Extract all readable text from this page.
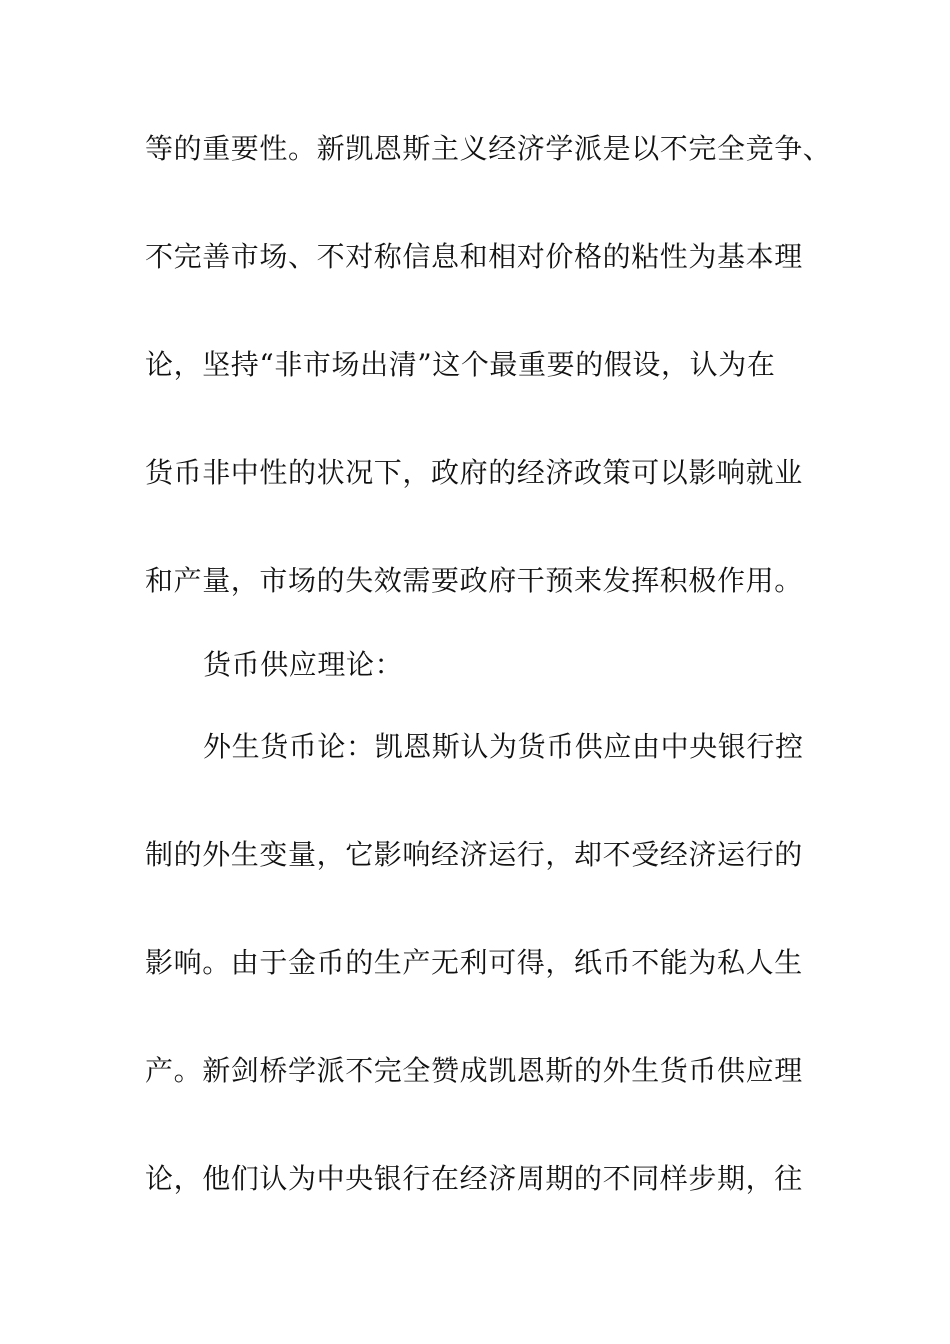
等的重要性。新凯恩斯主义经济学派是以不完全竞争、
不完善市场、不对称信息和相对价格的粘性为基本理
论，坚持“非市场出清”这个最重要的假设，认为在
货币非中性的状况下，政府的经济政策可以影响就业
和产量，市场的失效需要政府干预来发挥积极作用。
货币供应理论：
外生货币论：凯恩斯认为货币供应由中央银行控
制的外生变量，它影响经济运行，却不受经济运行的
影响。由于金币的生产无利可得，纸币不能为私人生
产。新剑桥学派不完全赞成凯恩斯的外生货币供应理
论，他们认为中央银行在经济周期的不同样步期，往
